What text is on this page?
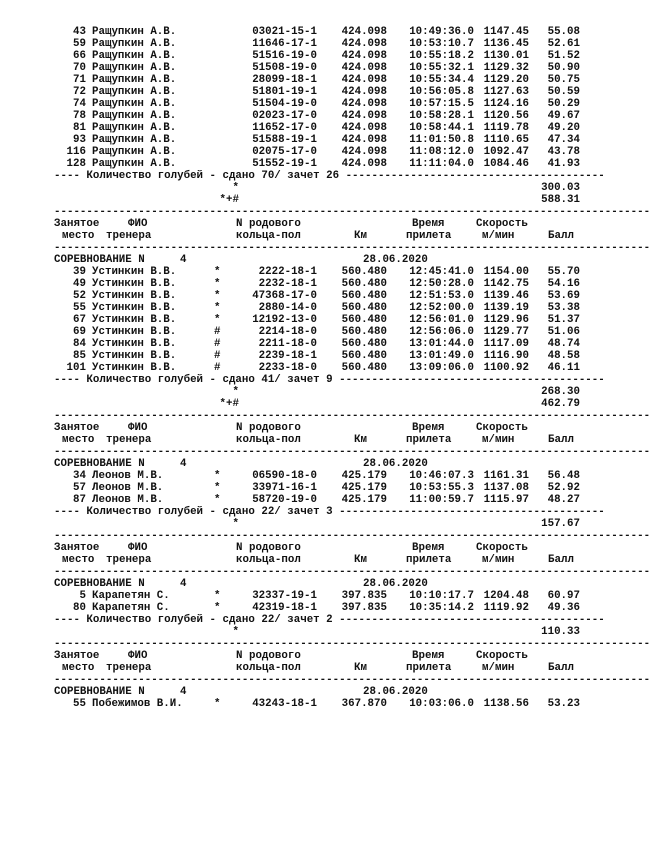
43 Ращупкин А.В.	03021-15-1 424.098 10:49:36.0 1147.45 55.08
59 Ращупкин А.В.	11646-17-1 424.098 10:53:10.7 1136.45 52.61
66 Ращупкин А.В.	51516-19-0 424.098 10:55:18.2 1130.01 51.52
70 Ращупкин А.В.	51508-19-0 424.098 10:55:32.1 1129.32 50.90
71 Ращупкин А.В.	28099-18-1 424.098 10:55:34.4 1129.20 50.75
72 Ращупкин А.В.	51801-19-1 424.098 10:56:05.8 1127.63 50.59
74 Ращупкин А.В.	51504-19-0 424.098 10:57:15.5 1124.16 50.29
78 Ращупкин А.В.	02023-17-0 424.098 10:58:28.1 1120.56 49.67
81 Ращупкин А.В.	11652-17-0 424.098 10:58:44.1 1119.78 49.20
93 Ращупкин А.В.	51588-19-1 424.098 11:01:50.8 1110.65 47.34
116 Ращупкин А.В.	02075-17-0 424.098 11:08:12.0 1092.47 43.78
128 Ращупкин А.В.	51552-19-1 424.098 11:11:04.0 1084.46 41.93
---- Количество голубей - сдано 70/ зачет 26 ----------------------------------------
*	300.03
*+#	588.31
--------------------------------------------------------------------------------------------
Занятое	ФИО	N родового	Время	Скорость
место тренера	кольца-пол	Км	прилета	м/мин	Балл
--------------------------------------------------------------------------------------------
СОРЕВНОВАНИЕ N	4	28.06.2020
39 Устинкин В.В.	*	2222-18-1 560.480 12:45:41.0 1154.00 55.70
49 Устинкин В.В.	*	2232-18-1 560.480 12:50:28.0 1142.75 54.16
52 Устинкин В.В.	*	47368-17-0 560.480 12:51:53.0 1139.46 53.69
55 Устинкин В.В.	*	2880-14-0 560.480 12:52:00.0 1139.19 53.38
67 Устинкин В.В.	*	12192-13-0 560.480 12:56:01.0 1129.96 51.37
69 Устинкин В.В.	#	2214-18-0 560.480 12:56:06.0 1129.77 51.06
84 Устинкин В.В.	#	2211-18-0 560.480 13:01:44.0 1117.09 48.74
85 Устинкин В.В.	#	2239-18-1 560.480 13:01:49.0 1116.90 48.58
101 Устинкин В.В.	#	2233-18-0 560.480 13:09:06.0 1100.92 46.11
---- Количество голубей - сдано 41/ зачет 9 -----------------------------------------
*	268.30
*+#	462.79
--------------------------------------------------------------------------------------------
Занятое	ФИО	N родового	Время	Скорость
место тренера	кольца-пол	Км	прилета	м/мин	Балл
--------------------------------------------------------------------------------------------
СОРЕВНОВАНИЕ N	4	28.06.2020
34 Леонов М.В.	*	06590-18-0 425.179 10:46:07.3 1161.31 56.48
57 Леонов М.В.	*	33971-16-1 425.179 10:53:55.3 1137.08 52.92
87 Леонов М.В.	*	58720-19-0 425.179 11:00:59.7 1115.97 48.27
---- Количество голубей - сдано 22/ зачет 3 -----------------------------------------
*	157.67
--------------------------------------------------------------------------------------------
Занятое	ФИО	N родового	Время	Скорость
место тренера	кольца-пол	Км	прилета	м/мин	Балл
--------------------------------------------------------------------------------------------
СОРЕВНОВАНИЕ N	4	28.06.2020
5 Карапетян С.	*	32337-19-1 397.835 10:10:17.7 1204.48 60.97
80 Карапетян С.	*	42319-18-1 397.835 10:35:14.2 1119.92 49.36
---- Количество голубей - сдано 22/ зачет 2 -----------------------------------------
*	110.33
--------------------------------------------------------------------------------------------
Занятое	ФИО	N родового	Время	Скорость
место тренера	кольца-пол	Км	прилета	м/мин	Балл
--------------------------------------------------------------------------------------------
СОРЕВНОВАНИЕ N	4	28.06.2020
55 Побежимов В.И.	*	43243-18-1 367.870 10:03:06.0 1138.56 53.23
